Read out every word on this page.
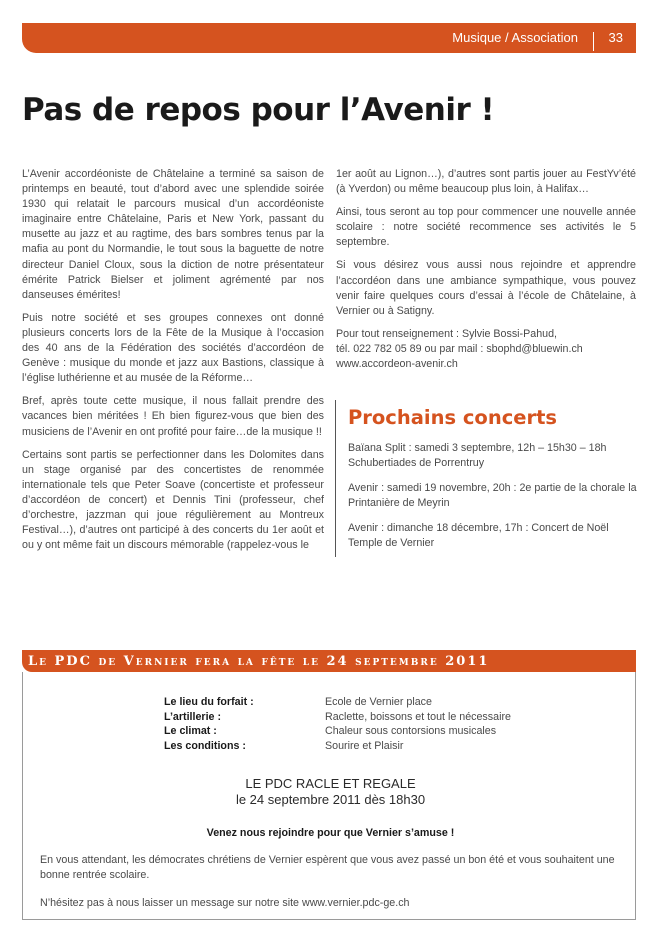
Musique / Association 33
Pas de repos pour l’Avenir !

L’Avenir accordéoniste de Châtelaine a terminé sa saison de printemps en beauté, tout d’abord avec une splendide soirée 1930 qui relatait le parcours musical d’un accordéoniste imaginaire entre Châtelaine, Paris et New York, passant du musette au jazz et au ragtime, des bars sombres tenus par la mafia au pont du Normandie, le tout sous la baguette de notre directeur Daniel Cloux, sous la diction de notre présentateur émérite Patrick Bielser et joliment agrémenté par nos danseuses émérites!

Puis notre société et ses groupes connexes ont donné plusieurs concerts lors de la Fête de la Musique à l’occasion des 40 ans de la Fédération des sociétés d’accordéon de Genève : musique du monde et jazz aux Bastions, classique à l’église luthérienne et au musée de la Réforme…

Bref, après toute cette musique, il nous fallait prendre des vacances bien méritées ! Eh bien figurez-vous que bien des musiciens de l’Avenir en ont profité pour faire…de la musique !!

Certains sont partis se perfectionner dans les Dolomites dans un stage organisé par des concertistes de renommée internationale tels que Peter Soave (concertiste et professeur d’accordéon de concert) et Dennis Tini (professeur, chef d’orchestre, jazzman qui joue régulièrement au Montreux Festival…), d’autres ont participé à des concerts du 1er août et ou y ont même fait un discours mémorable (rappelez-vous le

1er août au Lignon…), d’autres sont partis jouer au FestYv’été (à Yverdon) ou même beaucoup plus loin, à Halifax…

Ainsi, tous seront au top pour commencer une nouvelle année scolaire : notre société recommence ses activités le 5 septembre.

Si vous désirez vous aussi nous rejoindre et apprendre l’accordéon dans une ambiance sympathique, vous pouvez venir faire quelques cours d’essai à l’école de Châtelaine, à Vernier ou à Satigny.

Pour tout renseignement : Sylvie Bossi-Pahud,
tél. 022 782 05 89 ou par mail : sbophd@bluewin.ch
www.accordeon-avenir.ch
Prochains concerts
Baïana Split : samedi 3 septembre, 12h – 15h30 – 18h Schubertiades de Porrentruy
Avenir : samedi 19 novembre, 20h : 2e partie de la chorale la Printanière de Meyrin
Avenir : dimanche 18 décembre, 17h : Concert de Noël Temple de Vernier
Le PDC de Vernier fera la fête le 24 septembre 2011
Le lieu du forfait :	Ecole de Vernier place
L’artillerie :	Raclette, boissons et tout le nécessaire
Le climat :	Chaleur sous contorsions musicales
Les conditions :	Sourire et Plaisir
LE PDC RACLE ET REGALE
le 24 septembre 2011 dès 18h30
Venez nous rejoindre pour que Vernier s’amuse !
En vous attendant, les démocrates chrétiens de Vernier espèrent que vous avez passé un bon été et vous souhaitent une bonne rentrée scolaire.
N’hésitez pas à nous laisser un message sur notre site www.vernier.pdc-ge.ch
